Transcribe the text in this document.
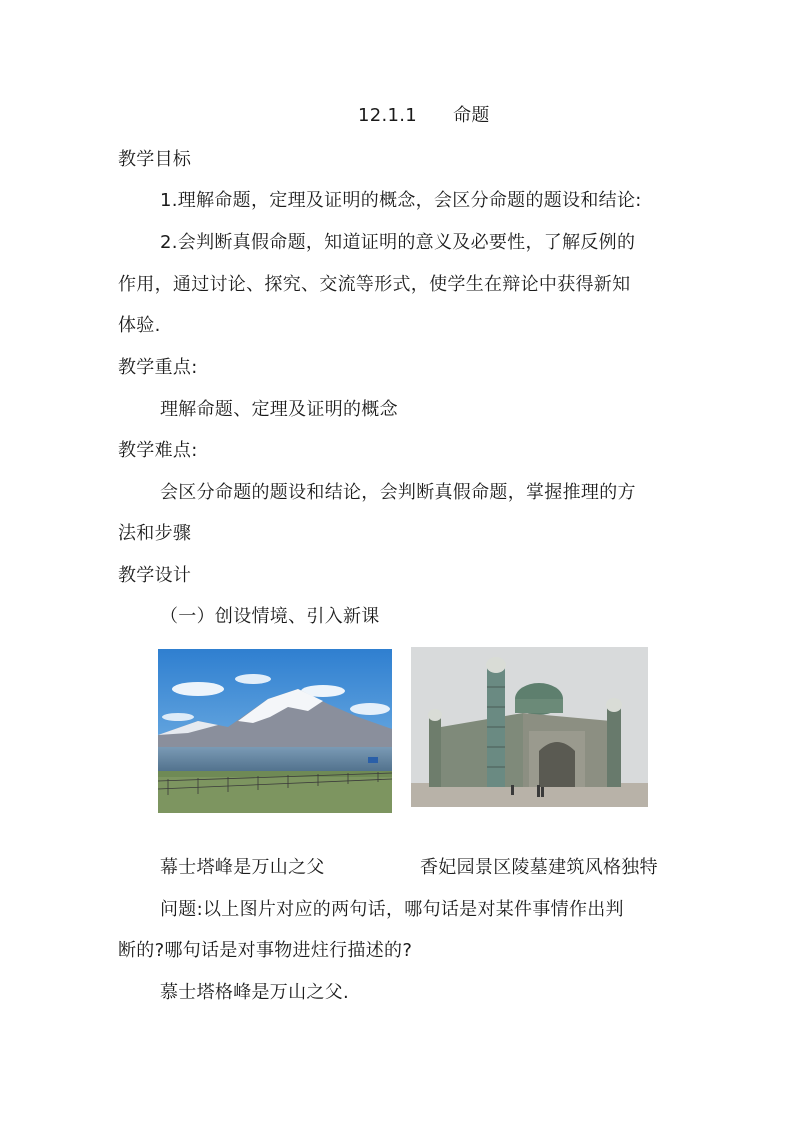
12.1.1 命题
教学目标
1.理解命题，定理及证明的概念，会区分命题的题设和结论:
2.会判断真假命题，知道证明的意义及必要性，了解反例的
作用，通过讨论、探究、交流等形式，使学生在辩论中获得新知
体验.
教学重点:
理解命题、定理及证明的概念
教学难点:
会区分命题的题设和结论，会判断真假命题，掌握推理的方
法和步骤
教学设计
（一）创设情境、引入新课
幕士塔峰是万山之父	香妃园景区陵墓建筑风格独特
问题:以上图片对应的两句话，哪句话是对某件事情作出判
断的?哪句话是对事物进炷行描述的?
慕士塔格峰是万山之父.
